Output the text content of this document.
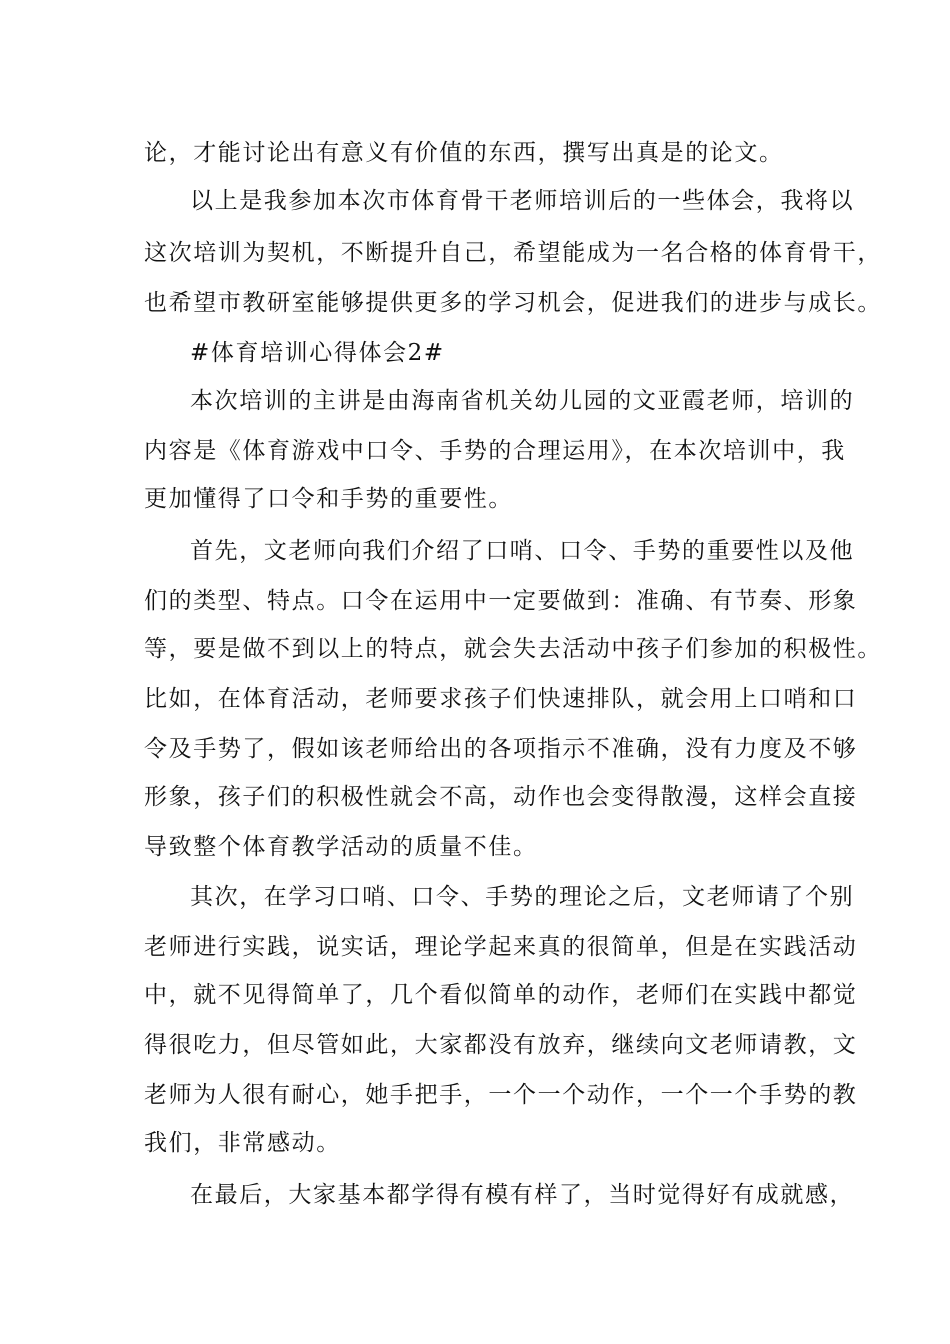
论，才能讨论出有意义有价值的东西，撰写出真是的论文。
以上是我参加本次市体育骨干老师培训后的一些体会，我将以
这次培训为契机，不断提升自己，希望能成为一名合格的体育骨干，
也希望市教研室能够提供更多的学习机会，促进我们的进步与成长。
#体育培训心得体会2#
本次培训的主讲是由海南省机关幼儿园的文亚霞老师，培训的
内容是《体育游戏中口令、手势的合理运用》，在本次培训中，我
更加懂得了口令和手势的重要性。
首先，文老师向我们介绍了口哨、口令、手势的重要性以及他
们的类型、特点。口令在运用中一定要做到：准确、有节奏、形象
等，要是做不到以上的特点，就会失去活动中孩子们参加的积极性。
比如，在体育活动，老师要求孩子们快速排队，就会用上口哨和口
令及手势了，假如该老师给出的各项指示不准确，没有力度及不够
形象，孩子们的积极性就会不高，动作也会变得散漫，这样会直接
导致整个体育教学活动的质量不佳。
其次，在学习口哨、口令、手势的理论之后，文老师请了个别
老师进行实践，说实话，理论学起来真的很简单，但是在实践活动
中，就不见得简单了，几个看似简单的动作，老师们在实践中都觉
得很吃力，但尽管如此，大家都没有放弃，继续向文老师请教，文
老师为人很有耐心，她手把手，一个一个动作，一个一个手势的教
我们，非常感动。
在最后，大家基本都学得有模有样了，当时觉得好有成就感，
